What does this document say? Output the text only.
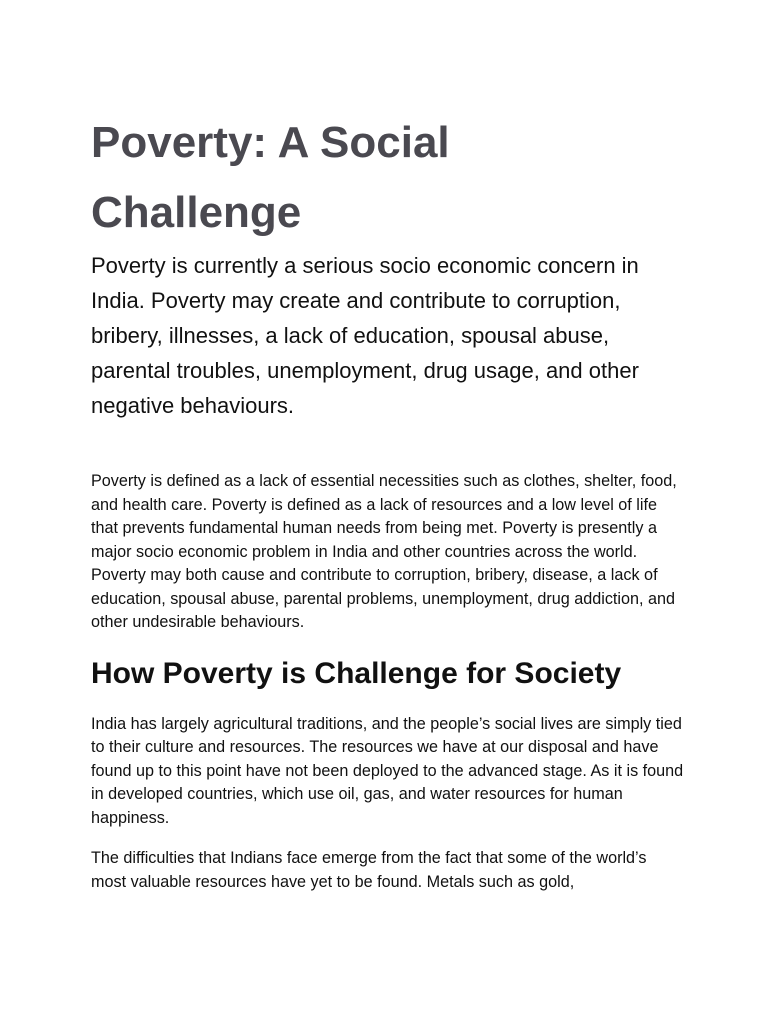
Poverty: A Social Challenge

Poverty is currently a serious socio economic concern in India. Poverty may create and contribute to corruption, bribery, illnesses, a lack of education, spousal abuse, parental troubles, unemployment, drug usage, and other negative behaviours.

Poverty is defined as a lack of essential necessities such as clothes, shelter, food, and health care. Poverty is defined as a lack of resources and a low level of life that prevents fundamental human needs from being met. Poverty is presently a major socio economic problem in India and other countries across the world. Poverty may both cause and contribute to corruption, bribery, disease, a lack of education, spousal abuse, parental problems, unemployment, drug addiction, and other undesirable behaviours.

How Poverty is Challenge for Society

India has largely agricultural traditions, and the people’s social lives are simply tied to their culture and resources. The resources we have at our disposal and have found up to this point have not been deployed to the advanced stage. As it is found in developed countries, which use oil, gas, and water resources for human happiness.

The difficulties that Indians face emerge from the fact that some of the world’s most valuable resources have yet to be found. Metals such as gold,
